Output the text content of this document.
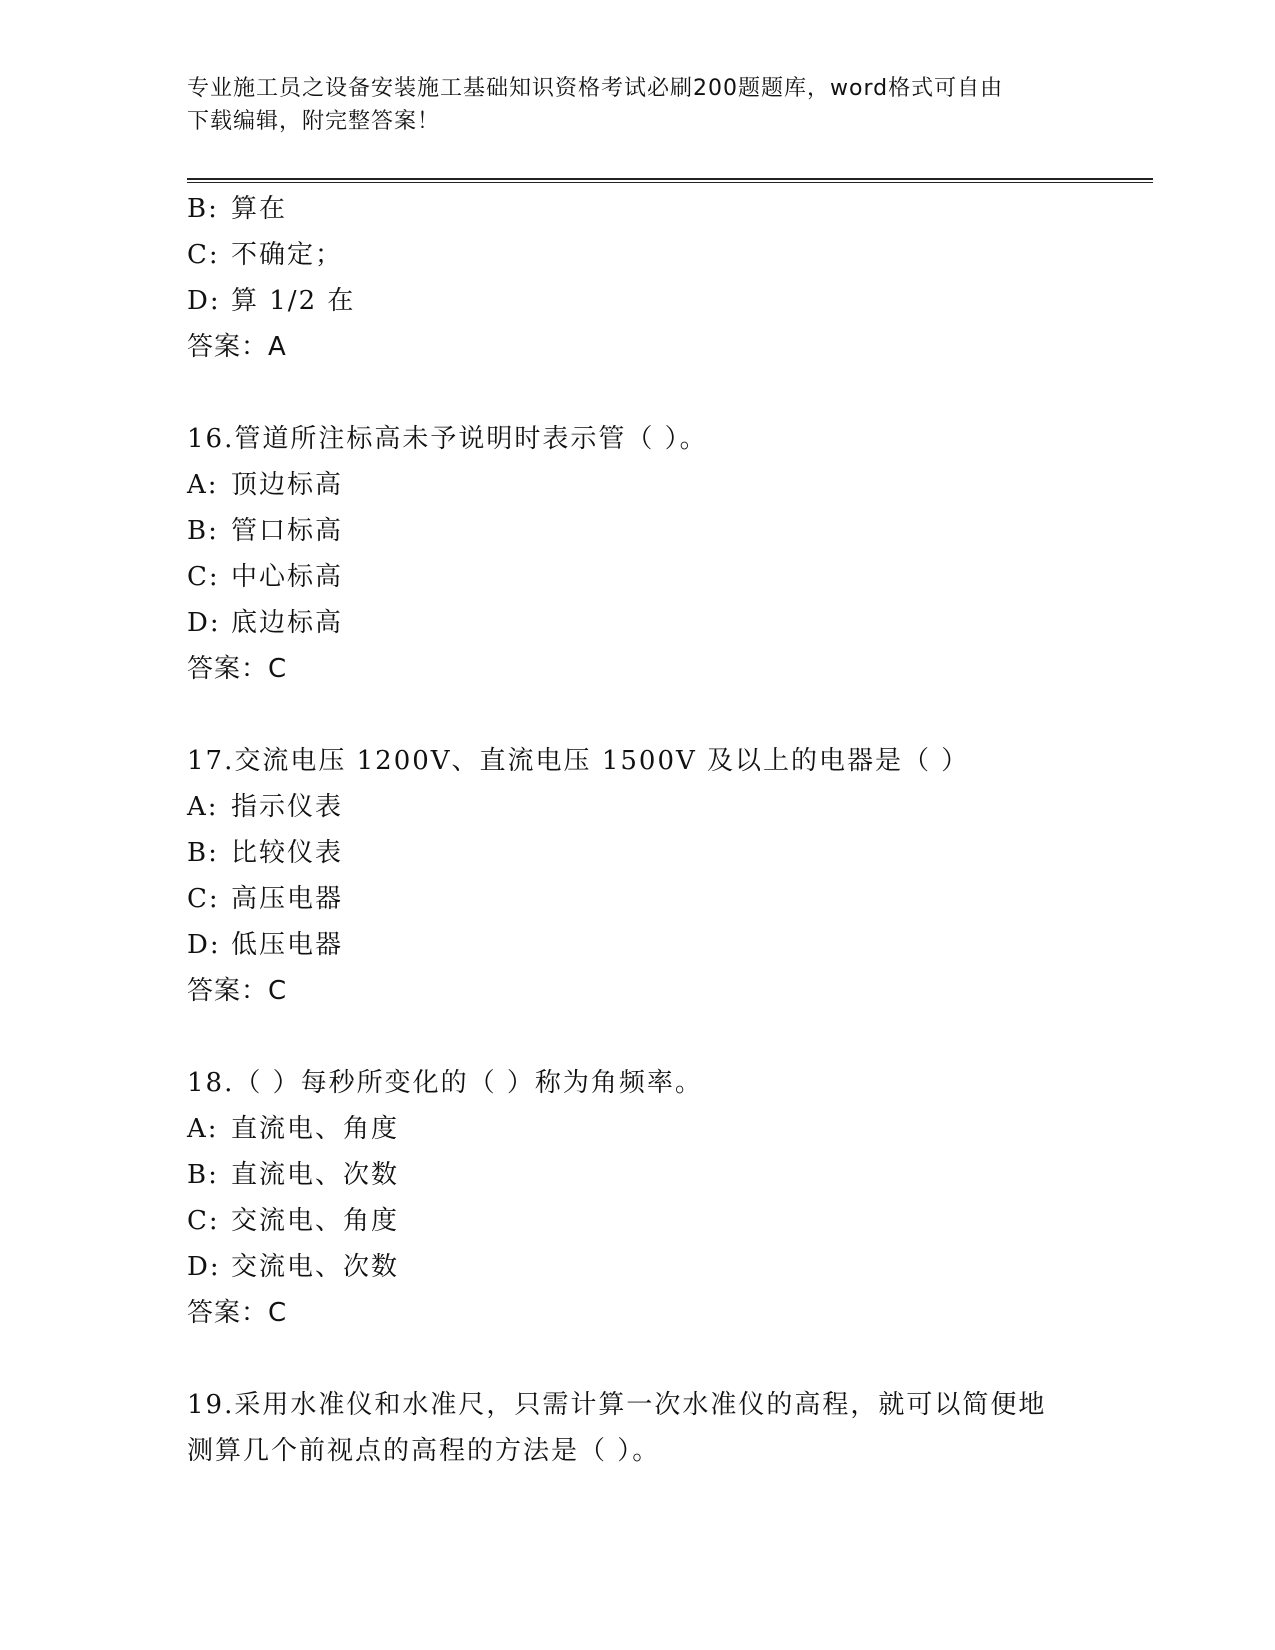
专业施工员之设备安装施工基础知识资格考试必刷200题题库，word格式可自由
下载编辑，附完整答案！
B: 算在
C: 不确定；
D: 算 1/2 在
答案：A
16.管道所注标高未予说明时表示管（ ）。
A: 顶边标高
B: 管口标高
C: 中心标高
D: 底边标高
答案：C
17.交流电压 1200V、直流电压 1500V 及以上的电器是（ ）
A: 指示仪表
B: 比较仪表
C: 高压电器
D: 低压电器
答案：C
18.（ ）每秒所变化的（ ）称为角频率。
A: 直流电、角度
B: 直流电、次数
C: 交流电、角度
D: 交流电、次数
答案：C
19.采用水准仪和水准尺，只需计算一次水准仪的高程，就可以简便地
测算几个前视点的高程的方法是（ ）。
